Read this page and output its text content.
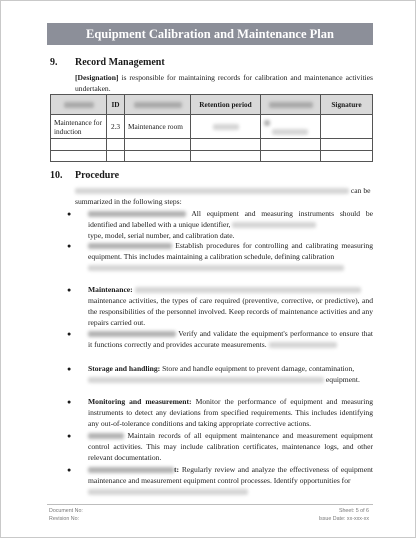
Equipment Calibration and Maintenance Plan
9. Record Management
[Designation] is responsible for maintaining records for calibration and maintenance activities undertaken.
	ID		Retention period		Signature
Maintenance for induction	2.3	Maintenance room		

10. Procedure
can be
summarized in the following steps:
●	All equipment and measuring instruments should be identified and labelled with a unique identifier,
type, model, serial number, and calibration date.
●	Establish procedures for controlling and calibrating measuring equipment. This includes maintaining a calibration schedule, defining calibration

● Maintenance:
maintenance activities, the types of care required (preventive, corrective, or predictive), and the responsibilities of the personnel involved. Keep records of maintenance activities and any repairs carried out.
●	Verify and validate the equipment's performance to ensure that it functions correctly and provides accurate measurements.
● Storage and handling: Store and handle equipment to prevent damage, contamination,
equipment.
● Monitoring and measurement: Monitor the performance of equipment and measuring instruments to detect any deviations from specified requirements. This includes identifying any out-of-tolerance conditions and taking appropriate corrective actions.
●	Maintain records of all equipment maintenance and measurement equipment control activities. This may include calibration certificates, maintenance logs, and other relevant documentation.
●	t: Regularly review and analyze the effectiveness of equipment maintenance and measurement equipment control processes. Identify opportunities for

Document No:
Revision No:
Sheet: 5 of 6
Issue Date: xx-xxx-xx
